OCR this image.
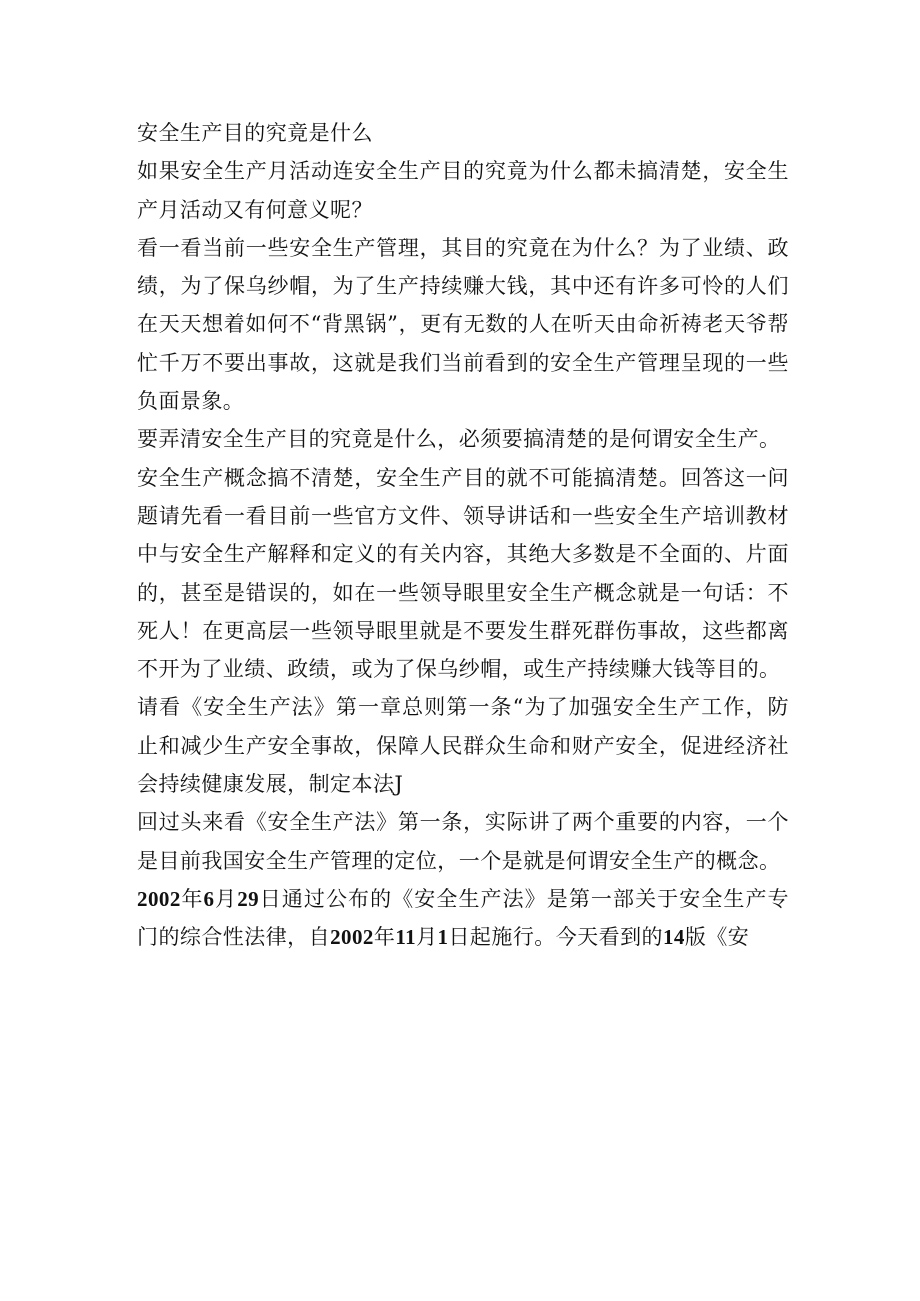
安全生产目的究竟是什么

如果安全生产月活动连安全生产目的究竟为什么都未搞清楚，安全生产月活动又有何意义呢？

看一看当前一些安全生产管理，其目的究竟在为什么？为了业绩、政绩，为了保乌纱帽，为了生产持续赚大钱，其中还有许多可怜的人们在天天想着如何不“背黑锅”，更有无数的人在听天由命祈祷老天爷帮忙千万不要出事故，这就是我们当前看到的安全生产管理呈现的一些负面景象。

要弄清安全生产目的究竟是什么，必须要搞清楚的是何谓安全生产。

安全生产概念搞不清楚，安全生产目的就不可能搞清楚。回答这一问题请先看一看目前一些官方文件、领导讲话和一些安全生产培训教材中与安全生产解释和定义的有关内容，其绝大多数是不全面的、片面的，甚至是错误的，如在一些领导眼里安全生产概念就是一句话：不死人！在更高层一些领导眼里就是不要发生群死群伤事故，这些都离不开为了业绩、政绩，或为了保乌纱帽，或生产持续赚大钱等目的。

请看《安全生产法》第一章总则第一条“为了加强安全生产工作，防止和减少生产安全事故，保障人民群众生命和财产安全，促进经济社会持续健康发展，制定本法J

回过头来看《安全生产法》第一条，实际讲了两个重要的内容，一个是目前我国安全生产管理的定位，一个是就是何谓安全生产的概念。

2002年6月29日通过公布的《安全生产法》是第一部关于安全生产专门的综合性法律，自2002年11月1日起施行。今天看到的14版《安
